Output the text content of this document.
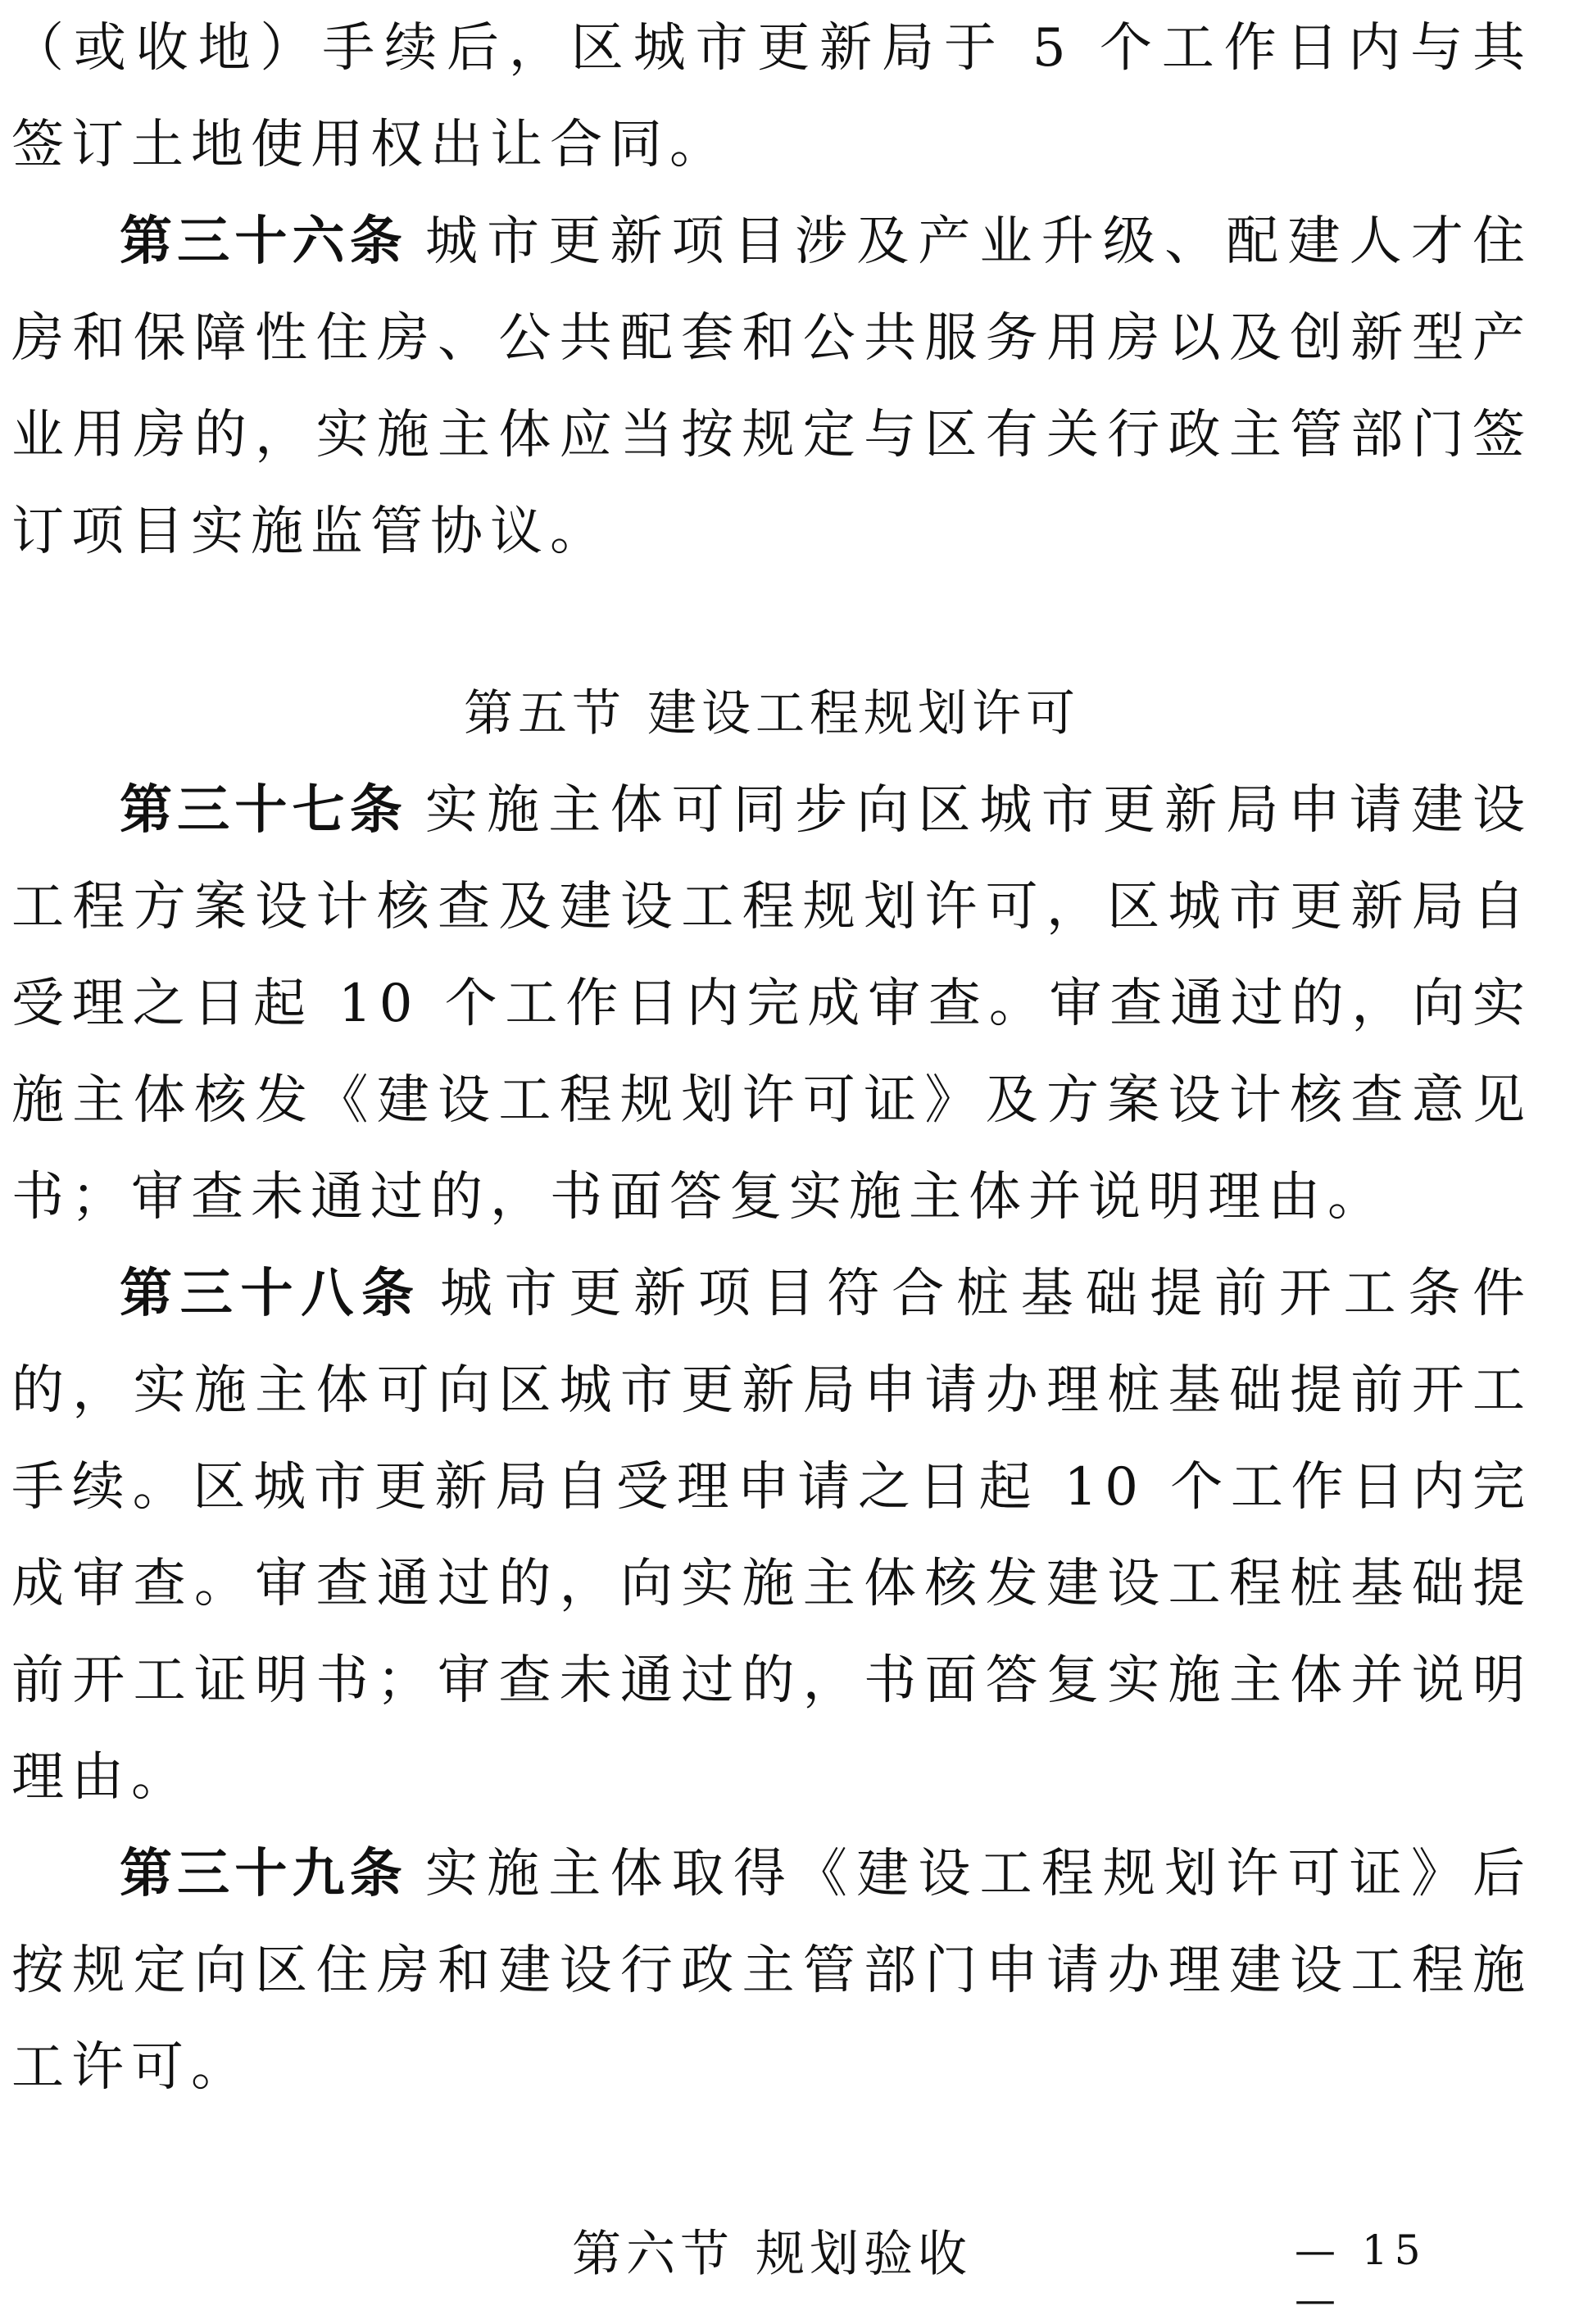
（或收地）手续后，区城市更新局于 5 个工作日内与其签订土地使用权出让合同。

第三十六条 城市更新项目涉及产业升级、配建人才住房和保障性住房、公共配套和公共服务用房以及创新型产业用房的，实施主体应当按规定与区有关行政主管部门签订项目实施监管协议。

第五节 建设工程规划许可

第三十七条 实施主体可同步向区城市更新局申请建设工程方案设计核查及建设工程规划许可，区城市更新局自受理之日起 10 个工作日内完成审查。审查通过的，向实施主体核发《建设工程规划许可证》及方案设计核查意见书；审查未通过的，书面答复实施主体并说明理由。

第三十八条 城市更新项目符合桩基础提前开工条件的，实施主体可向区城市更新局申请办理桩基础提前开工手续。区城市更新局自受理申请之日起 10 个工作日内完成审查。审查通过的，向实施主体核发建设工程桩基础提前开工证明书；审查未通过的，书面答复实施主体并说明理由。

第三十九条 实施主体取得《建设工程规划许可证》后按规定向区住房和建设行政主管部门申请办理建设工程施工许可。

第六节 规划验收	— 15 —
